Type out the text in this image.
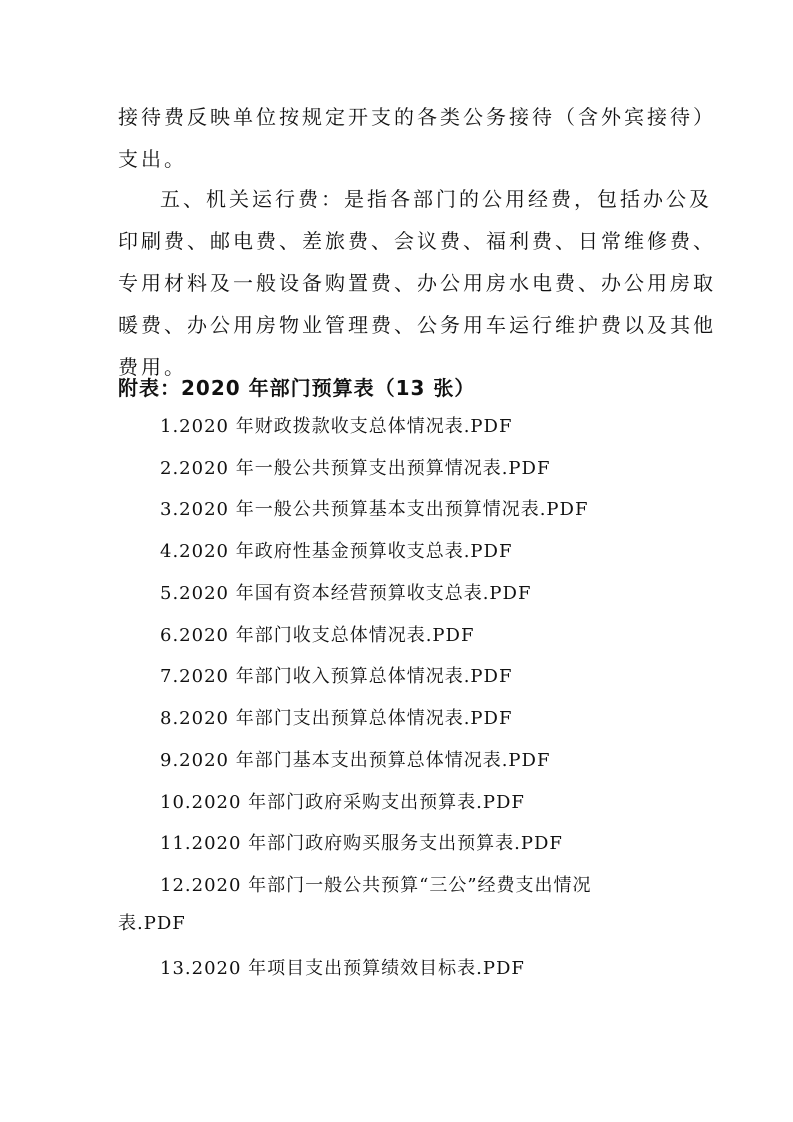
接待费反映单位按规定开支的各类公务接待（含外宾接待）
支出。
五、机关运行费：是指各部门的公用经费，包括办公及
印刷费、邮电费、差旅费、会议费、福利费、日常维修费、
专用材料及一般设备购置费、办公用房水电费、办公用房取
暖费、办公用房物业管理费、公务用车运行维护费以及其他
费用。
附表：2020 年部门预算表（13 张）
1.2020 年财政拨款收支总体情况表.PDF
2.2020 年一般公共预算支出预算情况表.PDF
3.2020 年一般公共预算基本支出预算情况表.PDF
4.2020 年政府性基金预算收支总表.PDF
5.2020 年国有资本经营预算收支总表.PDF
6.2020 年部门收支总体情况表.PDF
7.2020 年部门收入预算总体情况表.PDF
8.2020 年部门支出预算总体情况表.PDF
9.2020 年部门基本支出预算总体情况表.PDF
10.2020 年部门政府采购支出预算表.PDF
11.2020 年部门政府购买服务支出预算表.PDF
12.2020 年部门一般公共预算“三公”经费支出情况
表.PDF
13.2020 年项目支出预算绩效目标表.PDF
